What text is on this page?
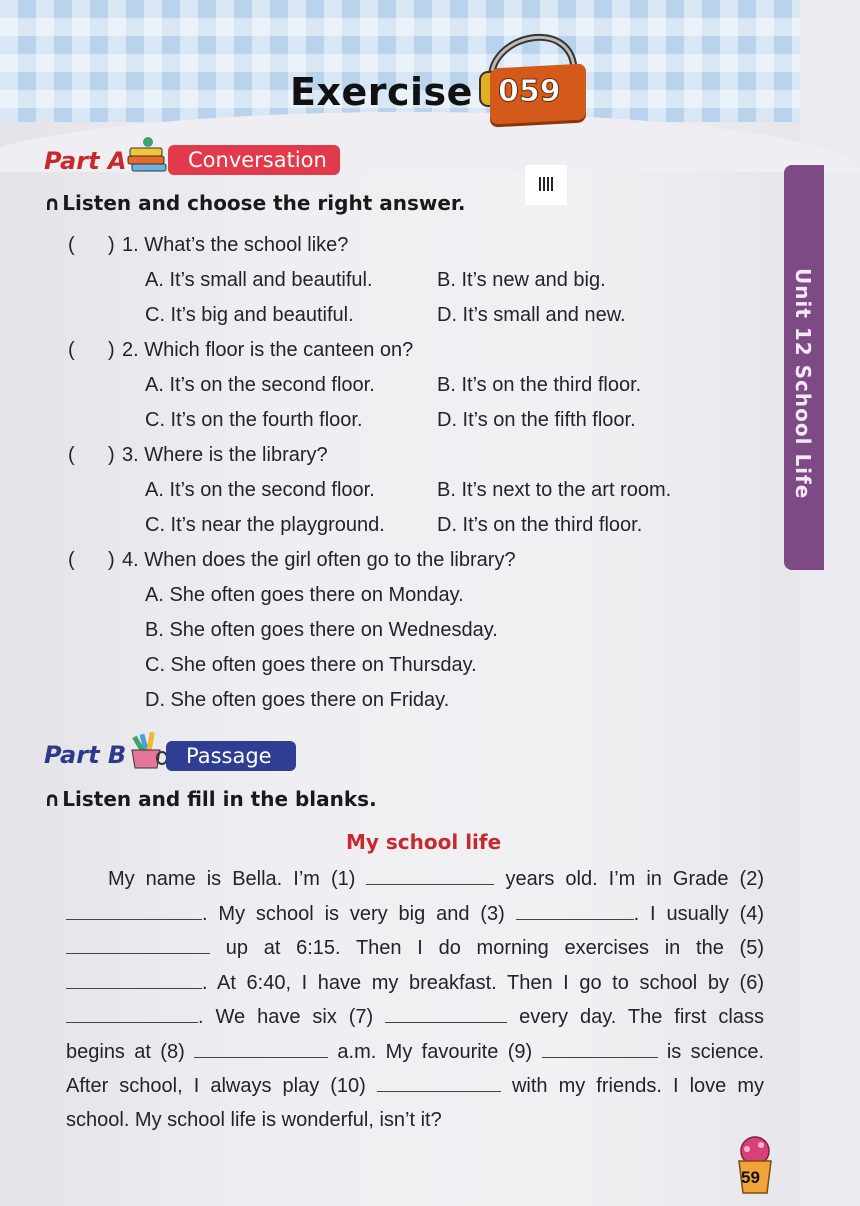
Exercise 059
Unit 12 School Life
Part A	Conversation
∩ Listen and choose the right answer.
( ) 1. What’s the school like?
A. It’s small and beautiful.	B. It’s new and big.
C. It’s big and beautiful.	D. It’s small and new.
( ) 2. Which floor is the canteen on?
A. It’s on the second floor.	B. It’s on the third floor.
C. It’s on the fourth floor.	D. It’s on the fifth floor.
( ) 3. Where is the library?
A. It’s on the second floor.	B. It’s next to the art room.
C. It’s near the playground.	D. It’s on the third floor.
( ) 4. When does the girl often go to the library?
A. She often goes there on Monday.
B. She often goes there on Wednesday.
C. She often goes there on Thursday.
D. She often goes there on Friday.
Part B	Passage
∩ Listen and fill in the blanks.
My school life
My name is Bella. I’m (1)	years old. I’m in Grade (2) . My school is very big and (3)	. I usually (4)  up at 6:15. Then I do morning exercises in the (5) . At 6:40, I have my breakfast. Then I go to school by (6) . We have six (7)	every day. The first class begins at (8)	a.m. My favourite (9)	is science. After school, I always play (10)	with my friends. I love my school. My school life is wonderful, isn’t it?
59
